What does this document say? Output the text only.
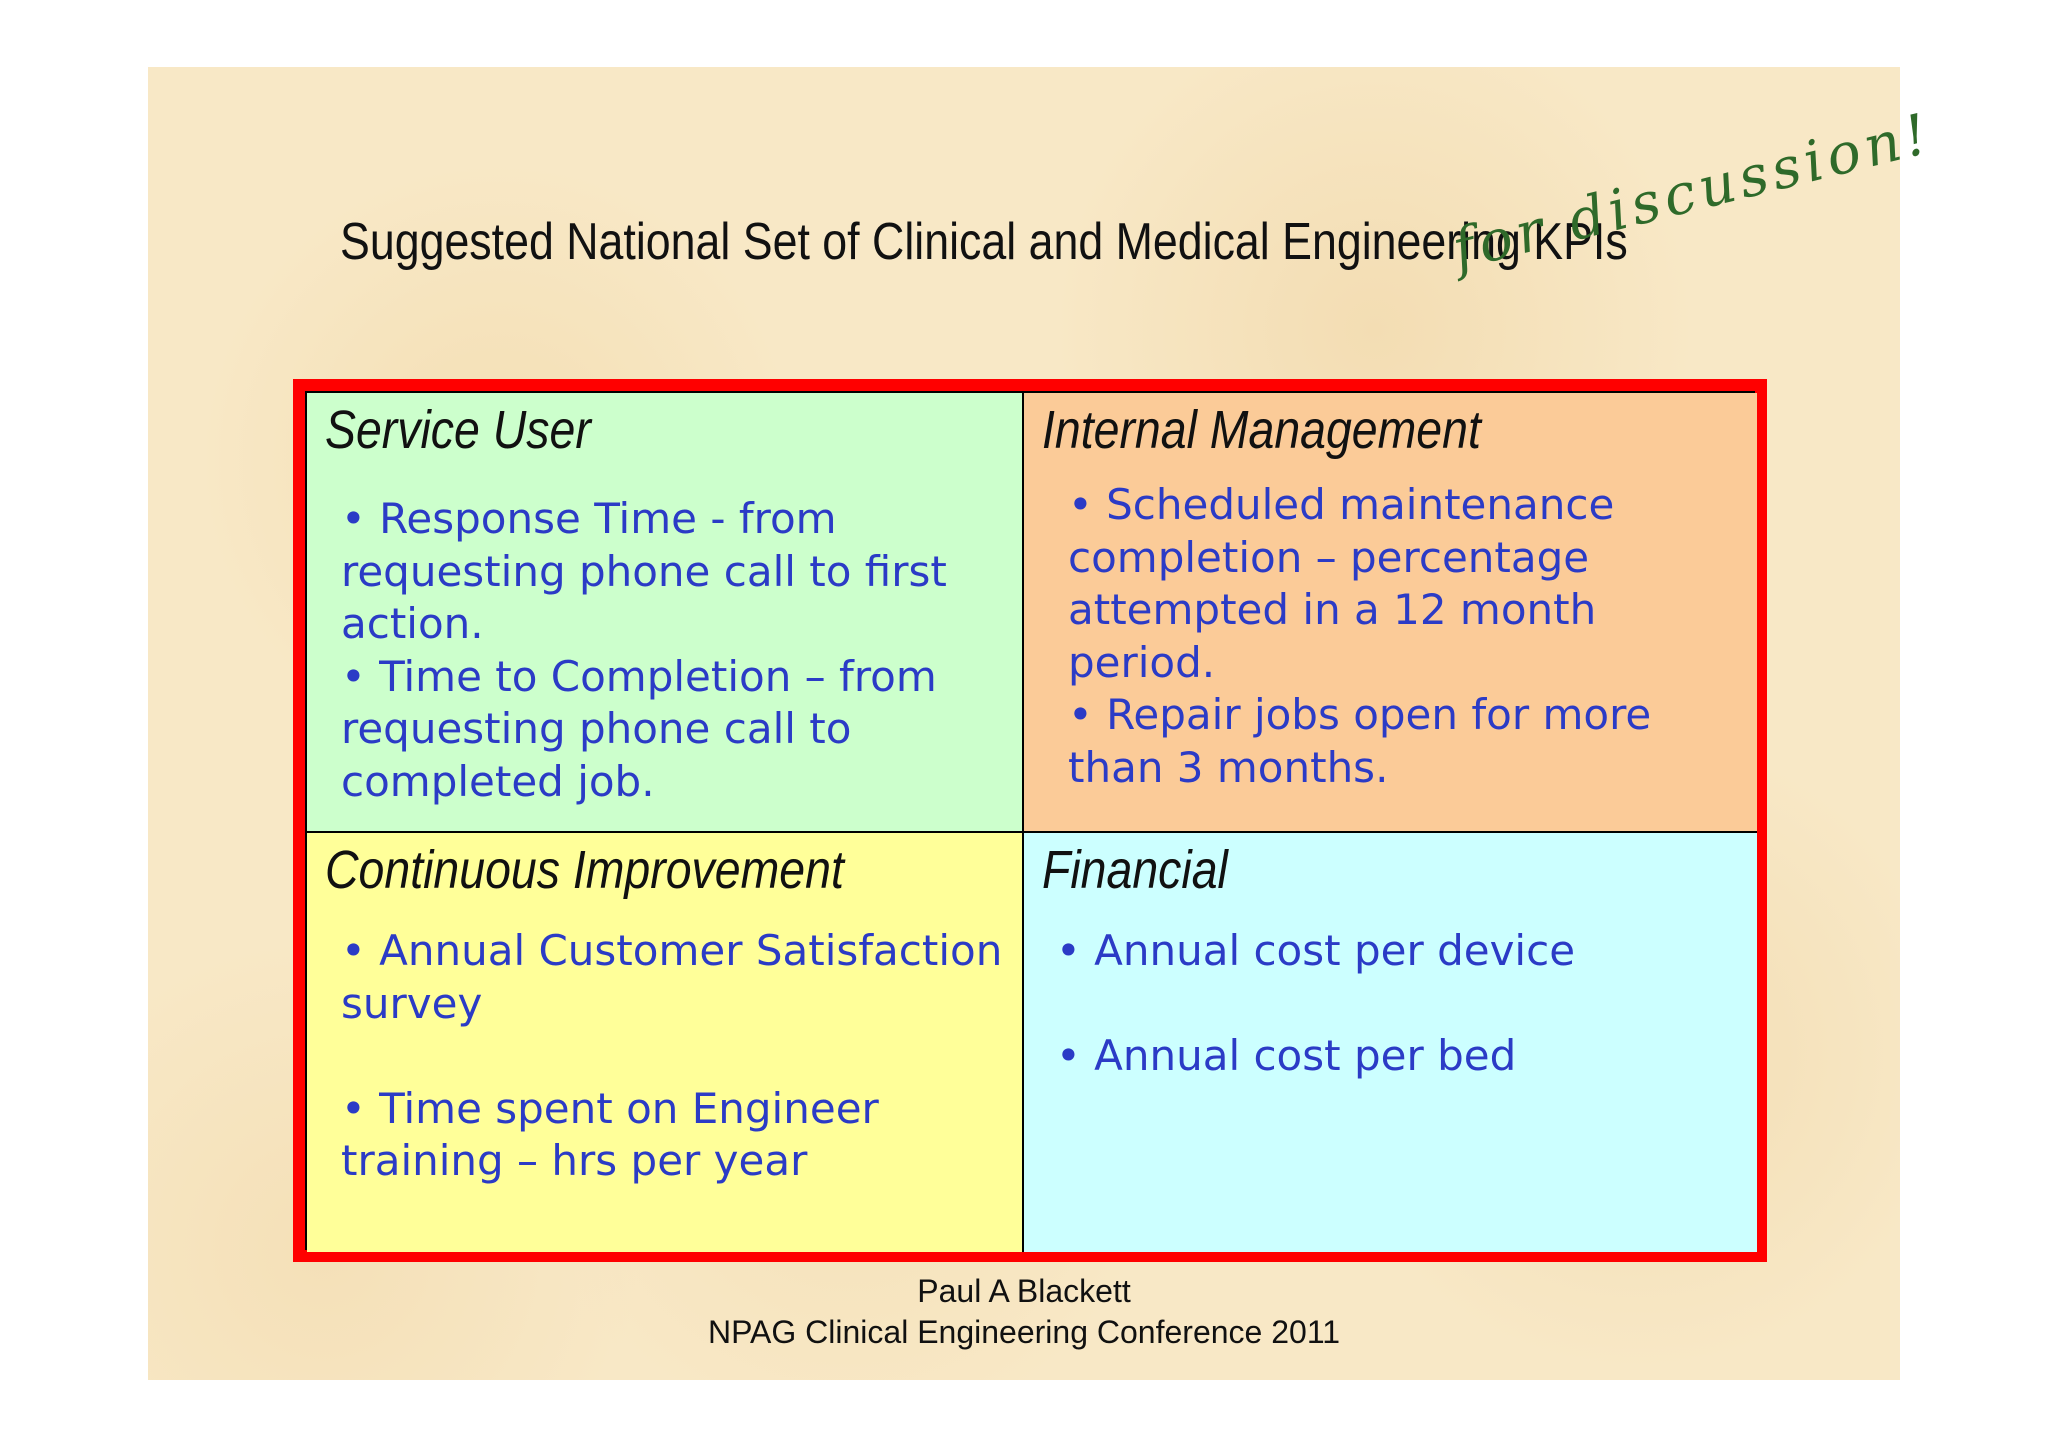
Suggested National Set of Clinical and Medical Engineering KPIs
for discussion!
Service User
• Response Time - from requesting phone call to first action.
• Time to Completion – from requesting phone call to completed job.
Internal Management
• Scheduled maintenance completion – percentage attempted in a 12 month period.
• Repair jobs open for more than 3 months.
Continuous Improvement
• Annual Customer Satisfaction survey
• Time spent on Engineer training – hrs per year
Financial
• Annual cost per device
• Annual cost per bed
Paul A Blackett
NPAG Clinical Engineering Conference 2011
